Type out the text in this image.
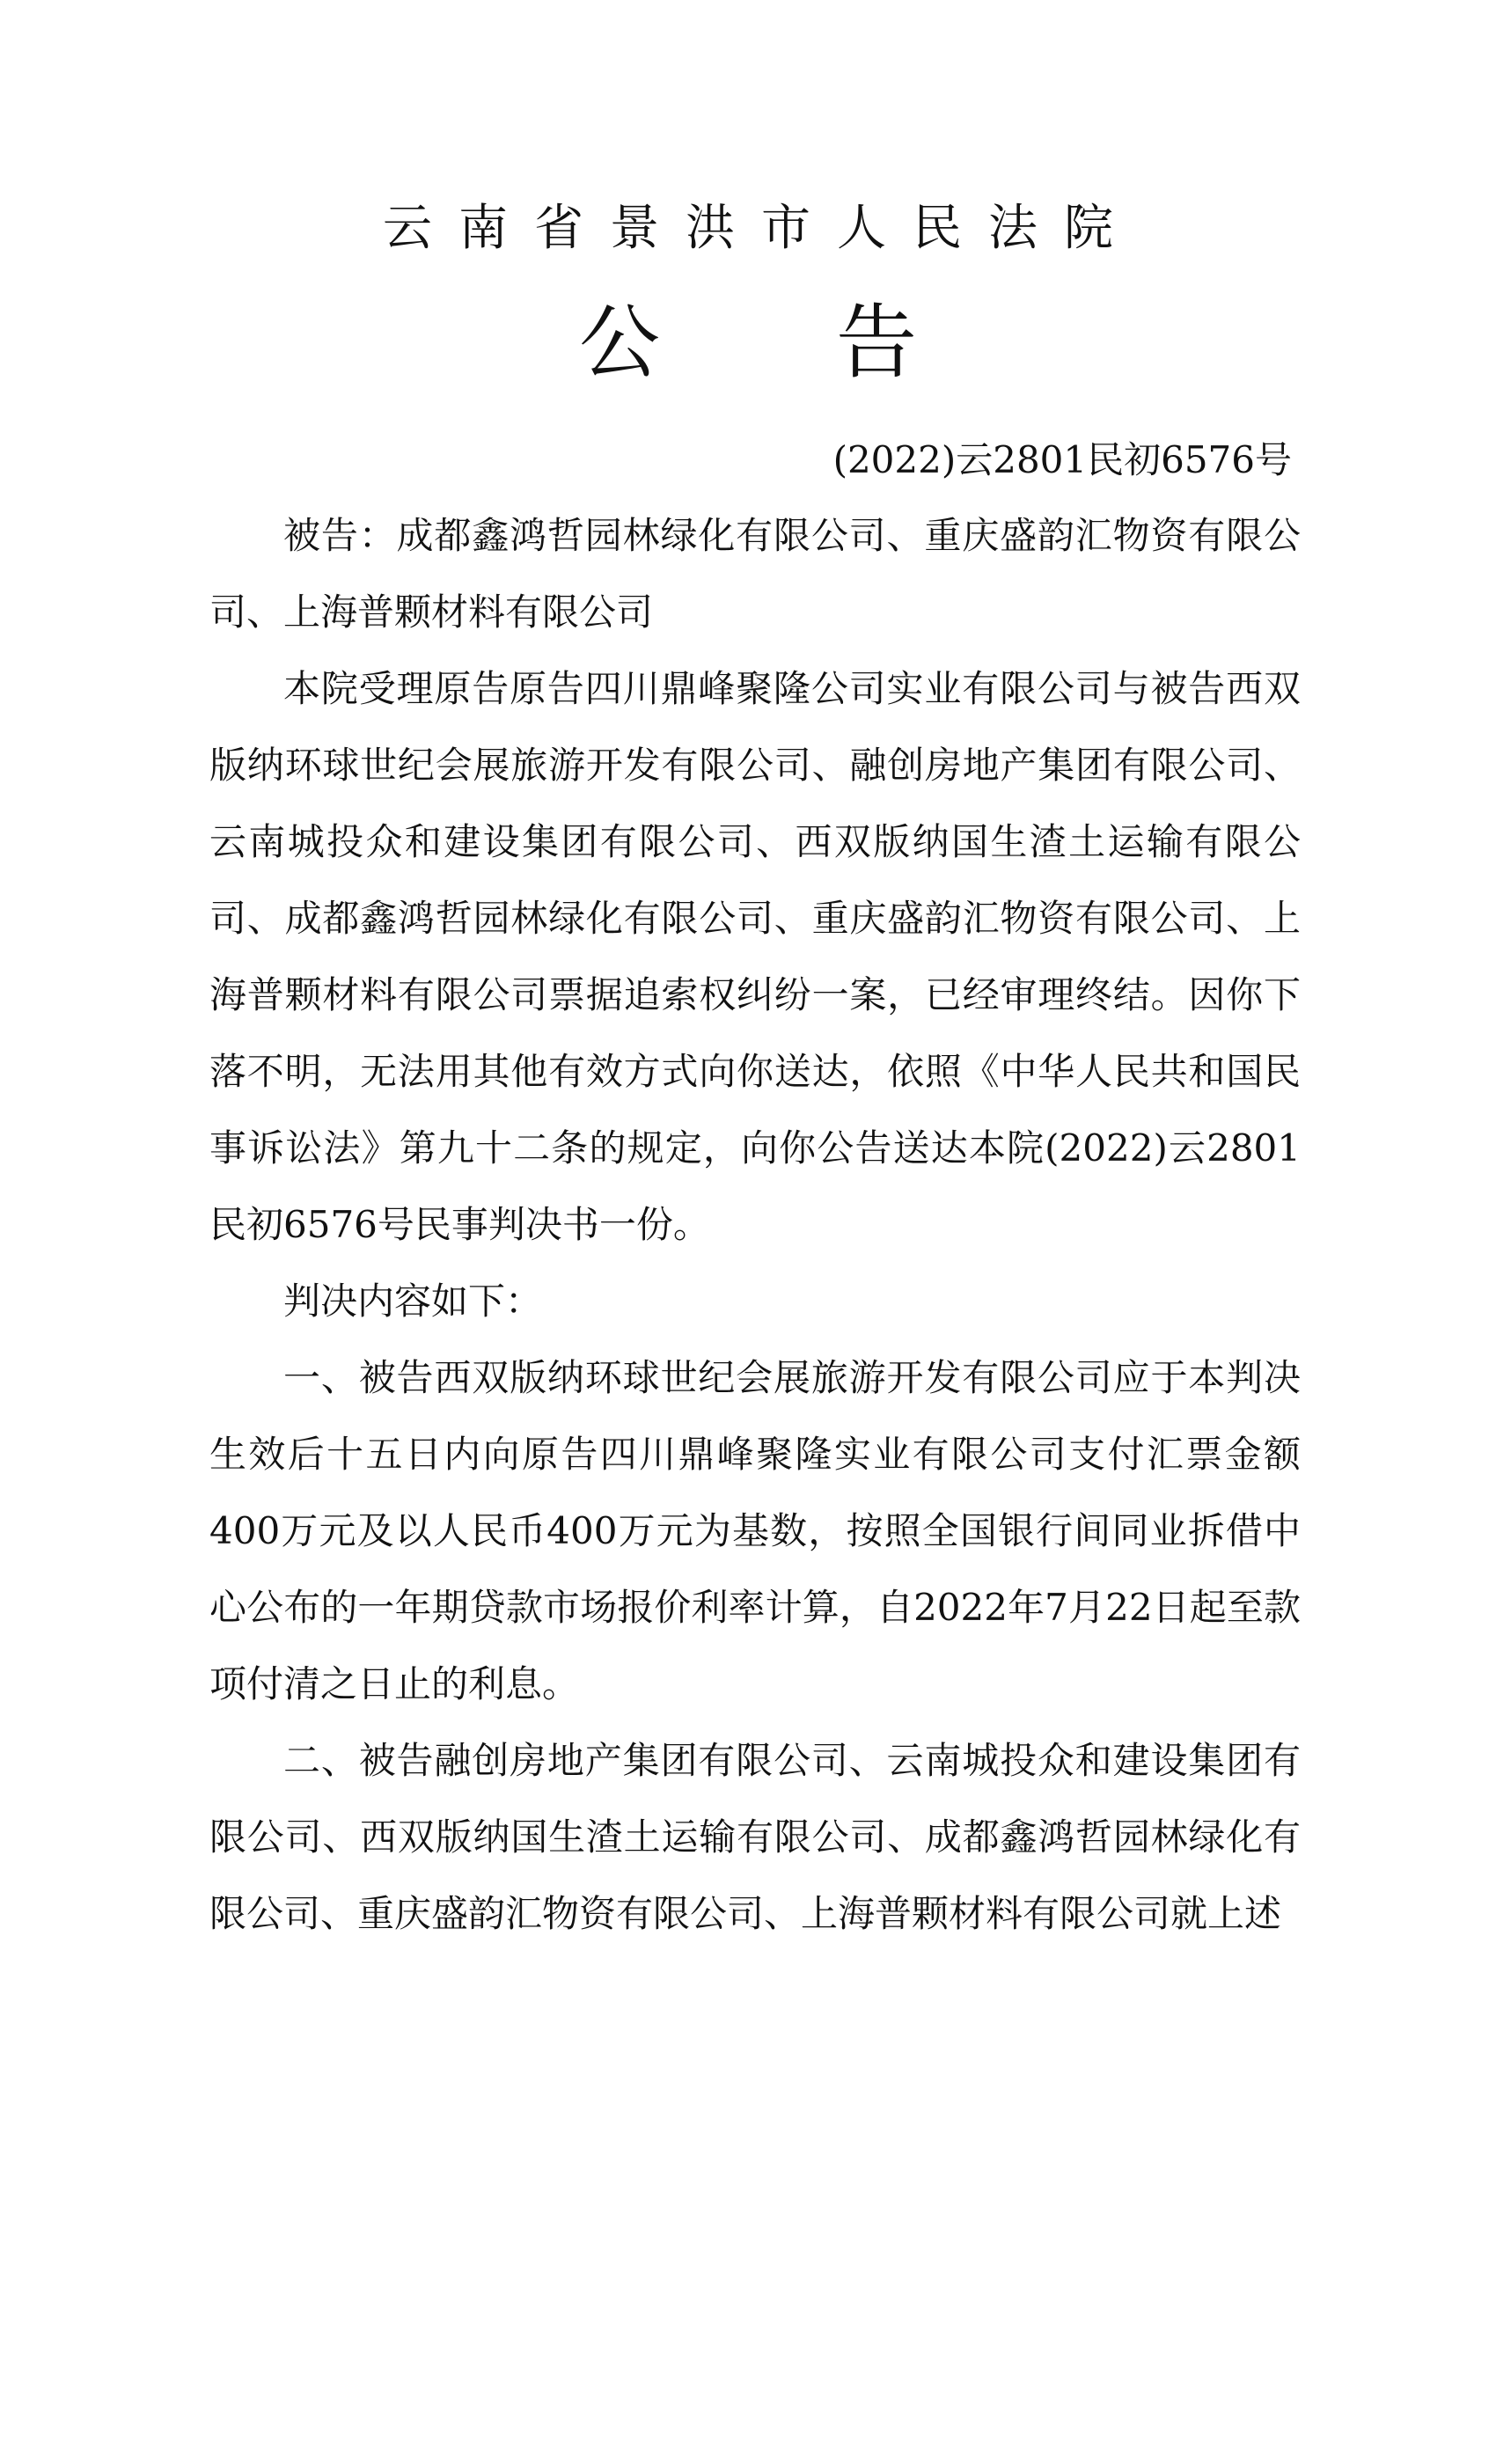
云南省景洪市人民法院
公告
(2022)云2801民初6576号

被告：成都鑫鸿哲园林绿化有限公司、重庆盛韵汇物资有限公司、上海普颗材料有限公司

本院受理原告原告四川鼎峰聚隆公司实业有限公司与被告西双版纳环球世纪会展旅游开发有限公司、融创房地产集团有限公司、云南城投众和建设集团有限公司、西双版纳国生渣土运输有限公司、成都鑫鸿哲园林绿化有限公司、重庆盛韵汇物资有限公司、上海普颗材料有限公司票据追索权纠纷一案，已经审理终结。因你下落不明，无法用其他有效方式向你送达，依照《中华人民共和国民事诉讼法》第九十二条的规定，向你公告送达本院(2022)云2801民初6576号民事判决书一份。

判决内容如下：

一、被告西双版纳环球世纪会展旅游开发有限公司应于本判决生效后十五日内向原告四川鼎峰聚隆实业有限公司支付汇票金额400万元及以人民币400万元为基数，按照全国银行间同业拆借中心公布的一年期贷款市场报价利率计算，自2022年7月22日起至款项付清之日止的利息。

二、被告融创房地产集团有限公司、云南城投众和建设集团有限公司、西双版纳国生渣土运输有限公司、成都鑫鸿哲园林绿化有限公司、重庆盛韵汇物资有限公司、上海普颗材料有限公司就上述
